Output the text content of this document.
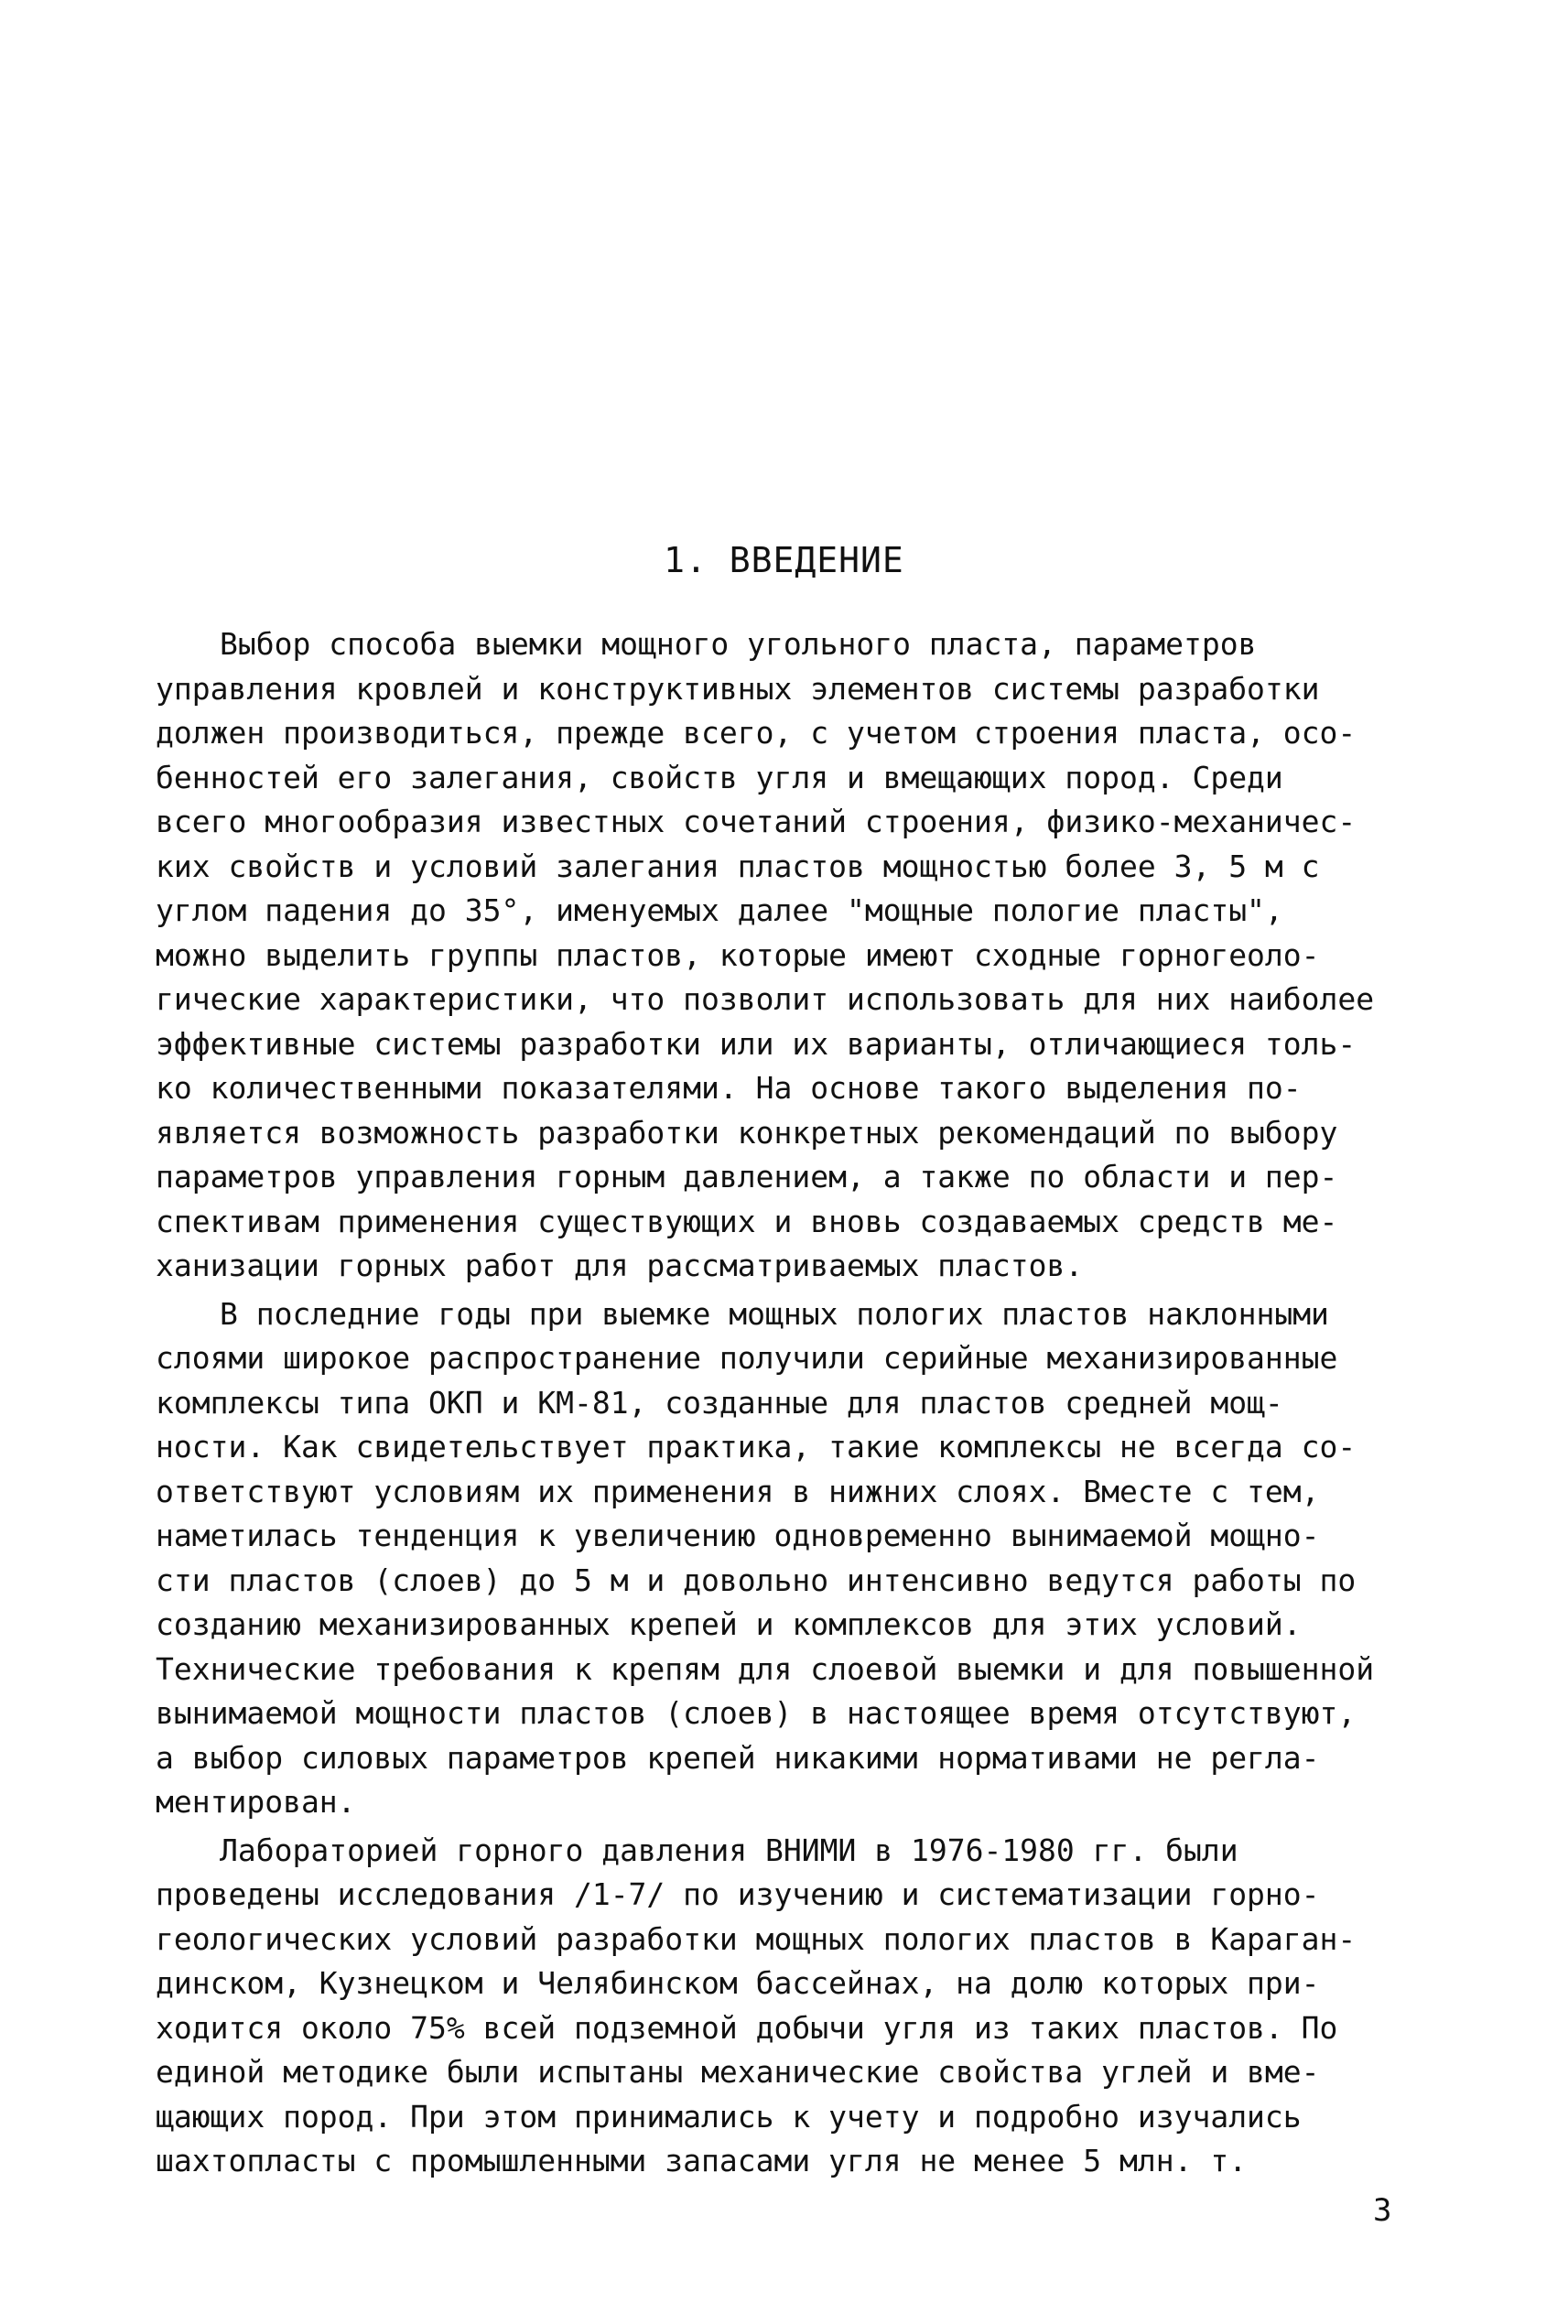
1. ВВЕДЕНИЕ
Выбор способа выемки мощного угольного пласта, параметров
управления кровлей и конструктивных элементов системы разработки
должен производиться, прежде всего, с учетом строения пласта, осо-
бенностей его залегания, свойств угля и вмещающих пород. Среди
всего многообразия известных сочетаний строения, физико-механичес-
ких свойств и условий залегания пластов мощностью более 3, 5 м с
углом падения до 35°, именуемых далее "мощные пологие пласты",
можно выделить группы пластов, которые имеют сходные горногеоло-
гические характеристики, что позволит использовать для них наиболее
эффективные системы разработки или их варианты, отличающиеся толь-
ко количественными показателями. На основе такого выделения по-
является возможность разработки конкретных рекомендаций по выбору
параметров управления горным давлением, а также по области и пер-
спективам применения существующих и вновь создаваемых средств ме-
ханизации горных работ для рассматриваемых пластов.
В последние годы при выемке мощных пологих пластов наклонными
слоями широкое распространение получили серийные механизированные
комплексы типа ОКП и КМ-81, созданные для пластов средней мощ-
ности. Как свидетельствует практика, такие комплексы не всегда со-
ответствуют условиям их применения в нижних слоях. Вместе с тем,
наметилась тенденция к увеличению одновременно вынимаемой мощно-
сти пластов (слоев) до 5 м и довольно интенсивно ведутся работы по
созданию механизированных крепей и комплексов для этих условий.
Технические требования к крепям для слоевой выемки и для повышенной
вынимаемой мощности пластов (слоев) в настоящее время отсутствуют,
а выбор силовых параметров крепей никакими нормативами не регла-
ментирован.
Лабораторией горного давления ВНИМИ в 1976-1980 гг. были
проведены исследования /1-7/ по изучению и систематизации горно-
геологических условий разработки мощных пологих пластов в Караган-
динском, Кузнецком и Челябинском бассейнах, на долю которых при-
ходится около 75% всей подземной добычи угля из таких пластов. По
единой методике были испытаны механические свойства углей и вме-
щающих пород. При этом принимались к учету и подробно изучались
шахтопласты с промышленными запасами угля не менее 5 млн. т.
3
